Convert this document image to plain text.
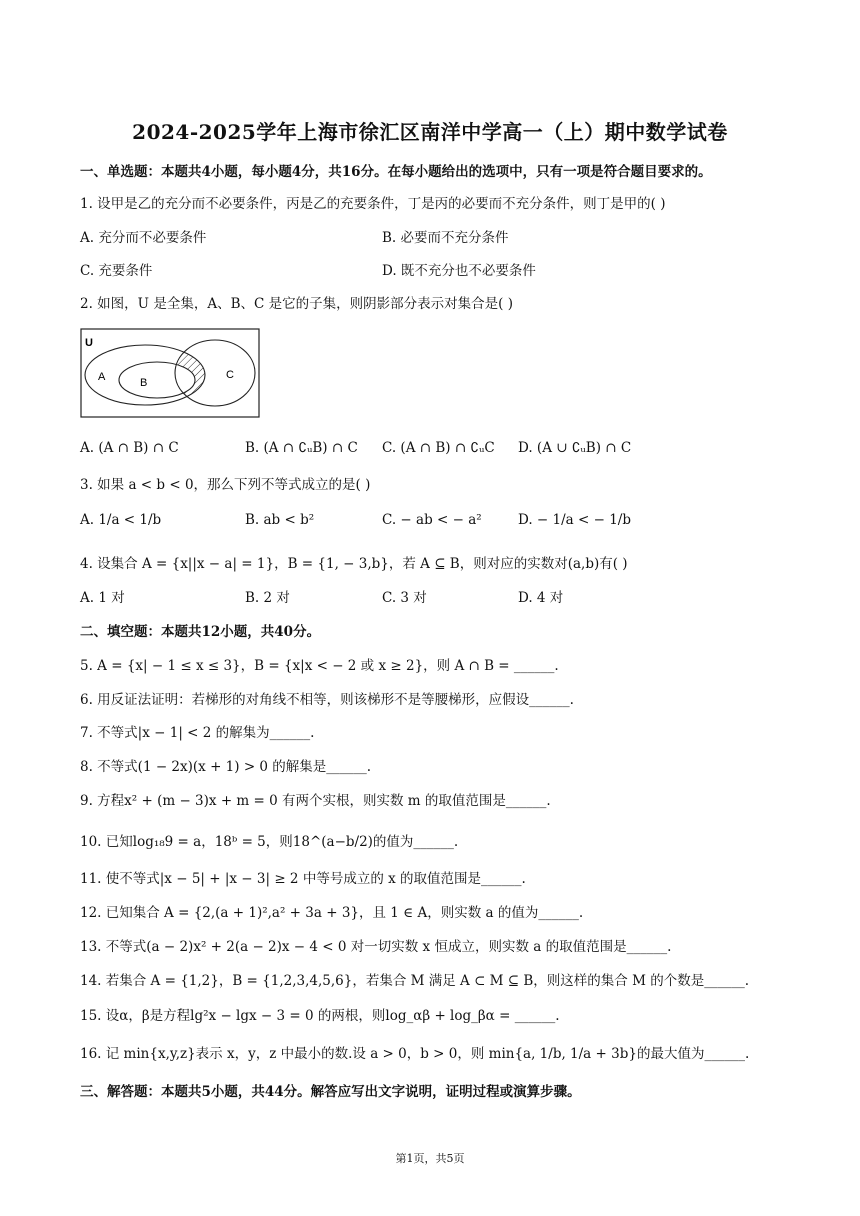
2024-2025学年上海市徐汇区南洋中学高一（上）期中数学试卷
一、单选题：本题共4小题，每小题4分，共16分。在每小题给出的选项中，只有一项是符合题目要求的。
1. 设甲是乙的充分而不必要条件，丙是乙的充要条件，丁是丙的必要而不充分条件，则丁是甲的( )
A. 充分而不必要条件	B. 必要而不充分条件
C. 充要条件	D. 既不充分也不必要条件
2. 如图，U 是全集，A、B、C 是它的子集，则阴影部分表示对集合是( )
U
A	B
C
A. (A ∩ B) ∩ C	B. (A ∩ ∁ᵤB) ∩ C C. (A ∩ B) ∩ ∁ᵤC D. (A ∪ ∁ᵤB) ∩ C
3. 如果 a < b < 0，那么下列不等式成立的是( )
A. 1/a < 1/b	B. ab < b²	C. − ab < − a²	D. − 1/a < − 1/b
4. 设集合 A = {x||x − a| = 1}，B = {1, − 3,b}，若 A ⊆ B，则对应的实数对(a,b)有( )
A. 1 对	B. 2 对	C. 3 对	D. 4 对
二、填空题：本题共12小题，共40分。
5. A = {x| − 1 ≤ x ≤ 3}，B = {x|x < − 2 或 x ≥ 2}，则 A ∩ B = ______.
6. 用反证法证明：若梯形的对角线不相等，则该梯形不是等腰梯形，应假设______.
7. 不等式|x − 1| < 2 的解集为______.
8. 不等式(1 − 2x)(x + 1) > 0 的解集是______.
9. 方程x² + (m − 3)x + m = 0 有两个实根，则实数 m 的取值范围是______.
10. 已知log₁₈9 = a，18ᵇ = 5，则18^(a−b/2)的值为______.
11. 使不等式|x − 5| + |x − 3| ≥ 2 中等号成立的 x 的取值范围是______.
12. 已知集合 A = {2,(a + 1)²,a² + 3a + 3}，且 1 ∈ A，则实数 a 的值为______.
13. 不等式(a − 2)x² + 2(a − 2)x − 4 < 0 对一切实数 x 恒成立，则实数 a 的取值范围是______.
14. 若集合 A = {1,2}，B = {1,2,3,4,5,6}，若集合 M 满足 A ⊂ M ⊆ B，则这样的集合 M 的个数是______.
15. 设α，β是方程lg²x − lgx − 3 = 0 的两根，则log_αβ + log_βα = ______.
16. 记 min{x,y,z}表示 x，y，z 中最小的数.设 a > 0，b > 0，则 min{a, 1/b, 1/a + 3b}的最大值为______.
三、解答题：本题共5小题，共44分。解答应写出文字说明，证明过程或演算步骤。
第1页，共5页
